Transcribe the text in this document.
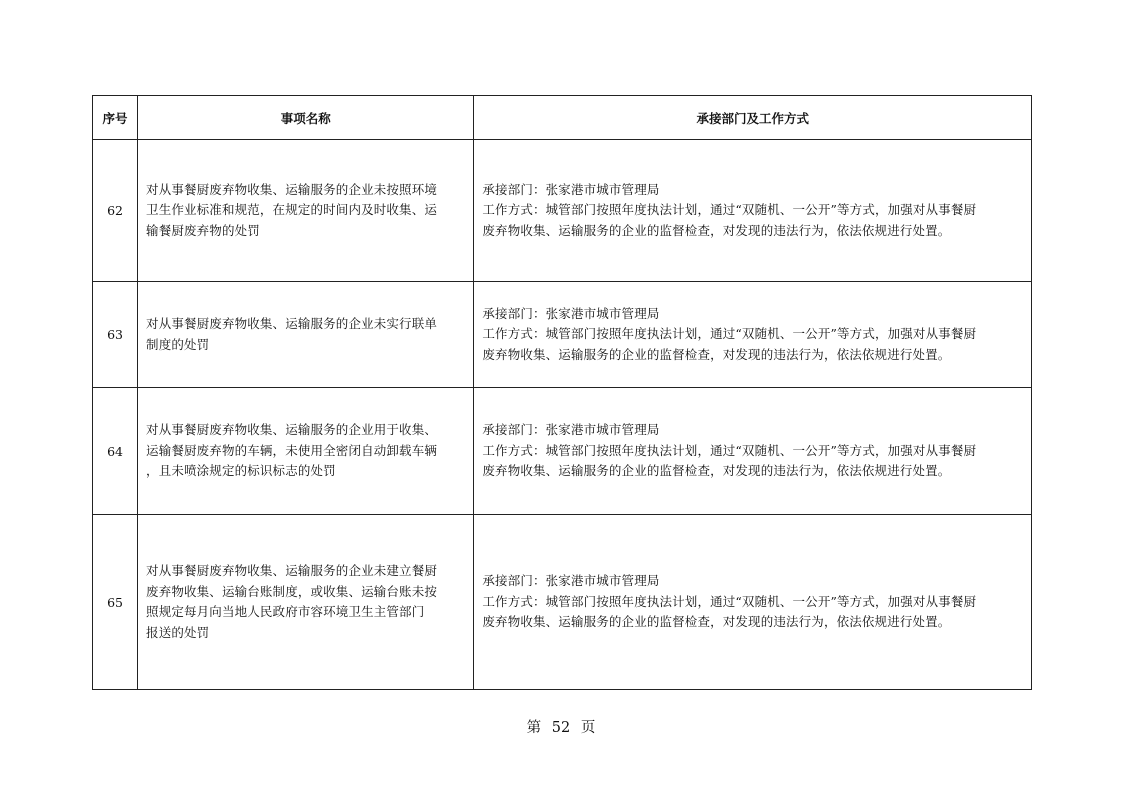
序号	事项名称	承接部门及工作方式
62	对从事餐厨废弃物收集、运输服务的企业未按照环境
卫生作业标准和规范，在规定的时间内及时收集、运
输餐厨废弃物的处罚	承接部门：张家港市城市管理局
工作方式：城管部门按照年度执法计划，通过“双随机、一公开”等方式，加强对从事餐厨
废弃物收集、运输服务的企业的监督检查，对发现的违法行为，依法依规进行处置。

63	对从事餐厨废弃物收集、运输服务的企业未实行联单
制度的处罚	承接部门：张家港市城市管理局
工作方式：城管部门按照年度执法计划，通过“双随机、一公开”等方式，加强对从事餐厨
废弃物收集、运输服务的企业的监督检查，对发现的违法行为，依法依规进行处置。

64	对从事餐厨废弃物收集、运输服务的企业用于收集、
运输餐厨废弃物的车辆，未使用全密闭自动卸载车辆
，且未喷涂规定的标识标志的处罚	承接部门：张家港市城市管理局
工作方式：城管部门按照年度执法计划，通过“双随机、一公开”等方式，加强对从事餐厨
废弃物收集、运输服务的企业的监督检查，对发现的违法行为，依法依规进行处置。

65	对从事餐厨废弃物收集、运输服务的企业未建立餐厨
废弃物收集、运输台账制度，或收集、运输台账未按
照规定每月向当地人民政府市容环境卫生主管部门
报送的处罚	承接部门：张家港市城市管理局
工作方式：城管部门按照年度执法计划，通过“双随机、一公开”等方式，加强对从事餐厨
废弃物收集、运输服务的企业的监督检查，对发现的违法行为，依法依规进行处置。
第 52 页
